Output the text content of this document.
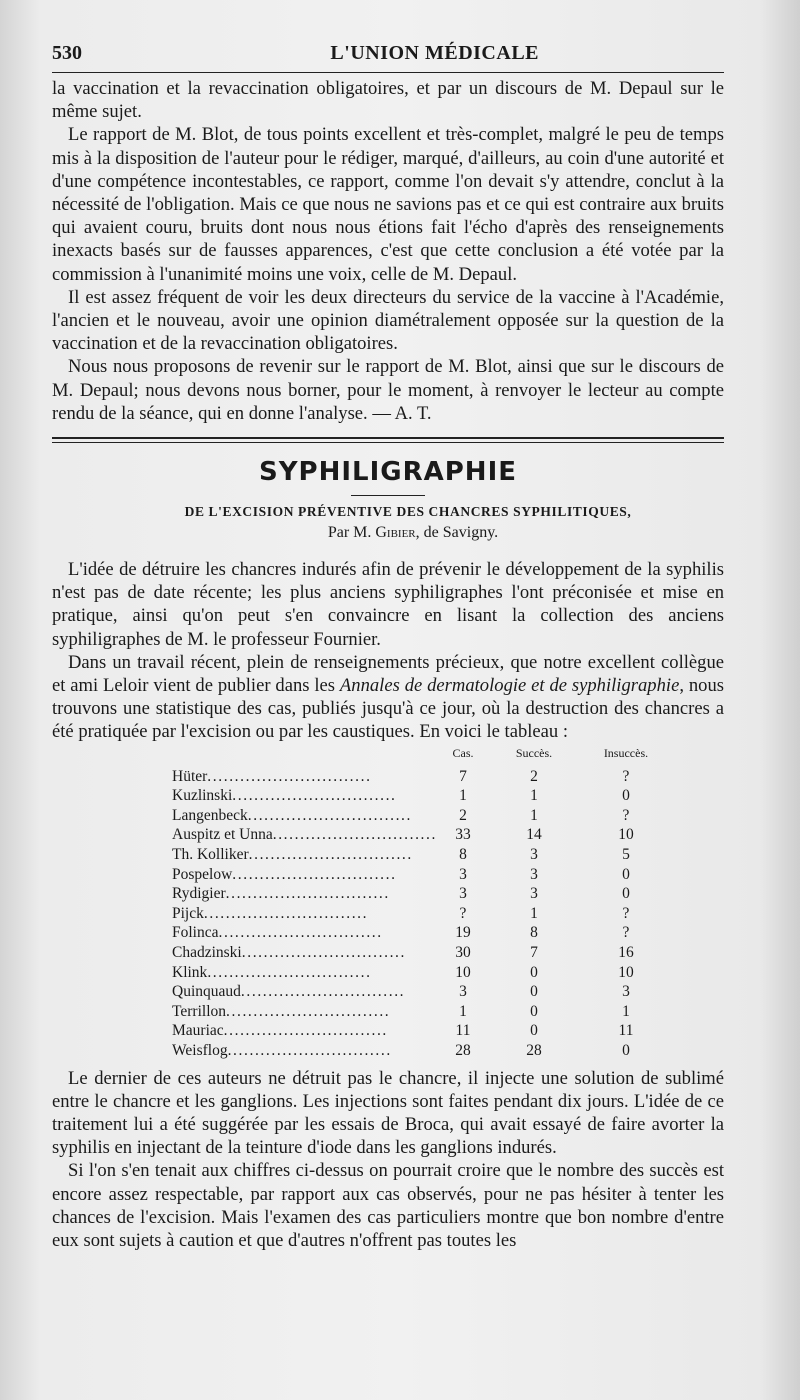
530	L'UNION MÉDICALE

la vaccination et la revaccination obligatoires, et par un discours de M. Depaul sur le même sujet.

Le rapport de M. Blot, de tous points excellent et très-complet, malgré le peu de temps mis à la disposition de l'auteur pour le rédiger, marqué, d'ailleurs, au coin d'une autorité et d'une compétence incontestables, ce rapport, comme l'on devait s'y attendre, conclut à la nécessité de l'obligation. Mais ce que nous ne savions pas et ce qui est contraire aux bruits qui avaient couru, bruits dont nous nous étions fait l'écho d'après des renseignements inexacts basés sur de fausses apparences, c'est que cette conclusion a été votée par la commission à l'unanimité moins une voix, celle de M. Depaul.

Il est assez fréquent de voir les deux directeurs du service de la vaccine à l'Académie, l'ancien et le nouveau, avoir une opinion diamétralement opposée sur la question de la vaccination et de la revaccination obligatoires.

Nous nous proposons de revenir sur le rapport de M. Blot, ainsi que sur le discours de M. Depaul; nous devons nous borner, pour le moment, à renvoyer le lecteur au compte rendu de la séance, qui en donne l'analyse. — A. T.

SYPHILIGRAPHIE
DE L'EXCISION PRÉVENTIVE DES CHANCRES SYPHILITIQUES,
Par M. Gibier, de Savigny.

L'idée de détruire les chancres indurés afin de prévenir le développement de la syphilis n'est pas de date récente; les plus anciens syphiligraphes l'ont préconisée et mise en pratique, ainsi qu'on peut s'en convaincre en lisant la collection des anciens syphiligraphes de M. le professeur Fournier.

Dans un travail récent, plein de renseignements précieux, que notre excellent collègue et ami Leloir vient de publier dans les Annales de dermatologie et de syphiligraphie, nous trouvons une statistique des cas, publiés jusqu'à ce jour, où la destruction des chancres a été pratiquée par l'excision ou par les caustiques. En voici le tableau :

	Cas.	Succès.	Insuccès.
Hüter..............................	7	2	?
Kuzlinski..............................	1	1	0
Langenbeck..............................	2	1	?
Auspitz et Unna..............................	33	14	10
Th. Kolliker..............................	8	3	5
Pospelow..............................	3	3	0
Rydigier..............................	3	3	0
Pijck..............................	?	1	?
Folinca..............................	19	8	?
Chadzinski..............................	30	7	16
Klink..............................	10	0	10
Quinquaud..............................	3	0	3
Terrillon..............................	1	0	1
Mauriac..............................	11	0	11
Weisflog..............................	28	28	0

Le dernier de ces auteurs ne détruit pas le chancre, il injecte une solution de sublimé entre le chancre et les ganglions. Les injections sont faites pendant dix jours. L'idée de ce traitement lui a été suggérée par les essais de Broca, qui avait essayé de faire avorter la syphilis en injectant de la teinture d'iode dans les ganglions indurés.

Si l'on s'en tenait aux chiffres ci-dessus on pourrait croire que le nombre des succès est encore assez respectable, par rapport aux cas observés, pour ne pas hésiter à tenter les chances de l'excision. Mais l'examen des cas particuliers montre que bon nombre d'entre eux sont sujets à caution et que d'autres n'offrent pas toutes les
